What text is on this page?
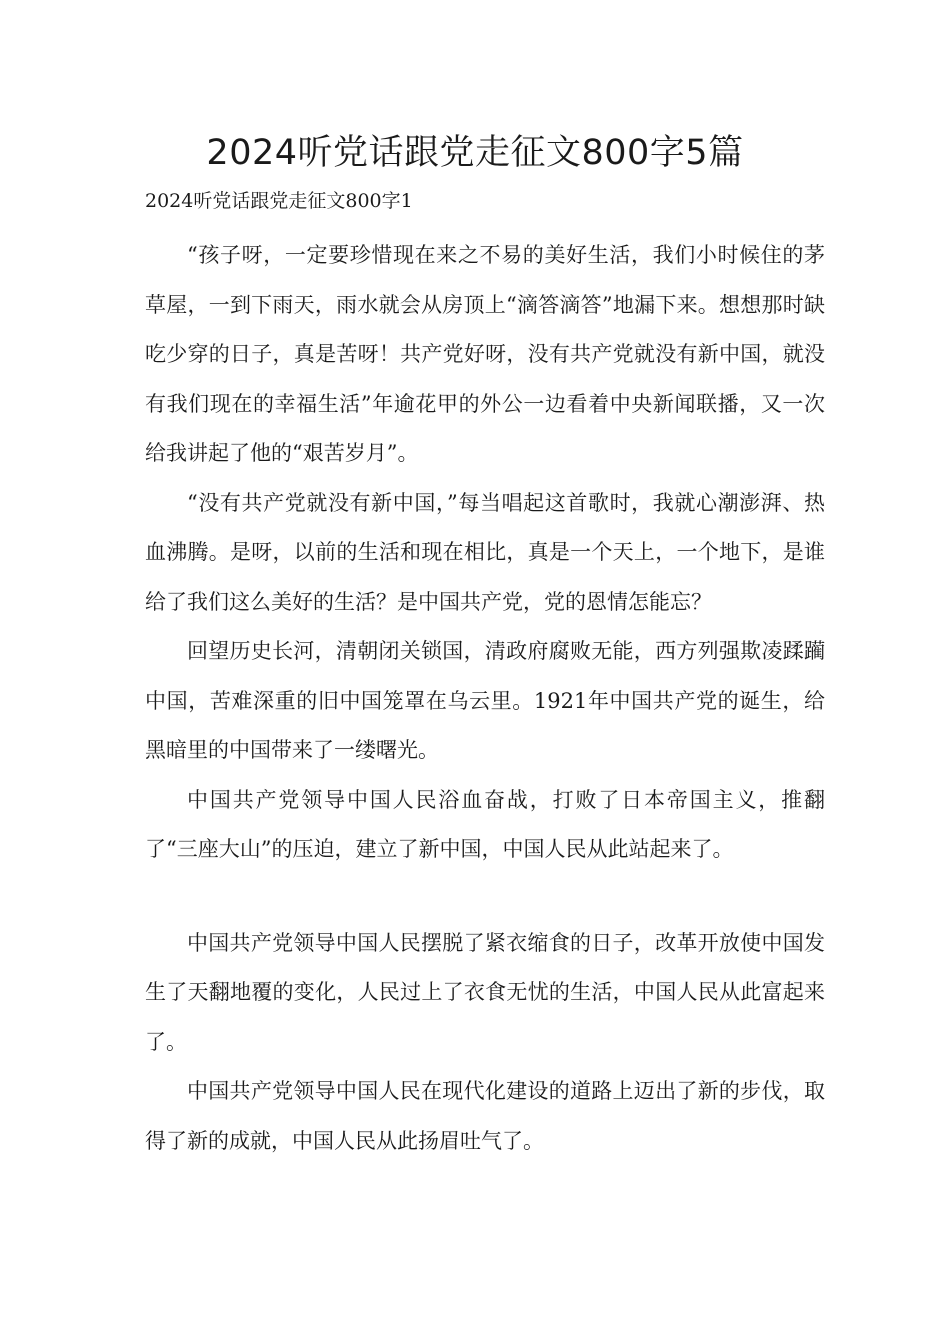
2024听党话跟党走征文800字5篇

2024听党话跟党走征文800字1

“孩子呀，一定要珍惜现在来之不易的美好生活，我们小时候住的茅草屋，一到下雨天，雨水就会从房顶上“滴答滴答”地漏下来。想想那时缺吃少穿的日子，真是苦呀！共产党好呀，没有共产党就没有新中国，就没有我们现在的幸福生活”年逾花甲的外公一边看着中央新闻联播，又一次给我讲起了他的“艰苦岁月”。

“没有共产党就没有新中国，”每当唱起这首歌时，我就心潮澎湃、热血沸腾。是呀，以前的生活和现在相比，真是一个天上，一个地下，是谁给了我们这么美好的生活？是中国共产党，党的恩情怎能忘？

回望历史长河，清朝闭关锁国，清政府腐败无能，西方列强欺凌蹂躏中国，苦难深重的旧中国笼罩在乌云里。1921年中国共产党的诞生，给黑暗里的中国带来了一缕曙光。

中国共产党领导中国人民浴血奋战，打败了日本帝国主义，推翻了“三座大山”的压迫，建立了新中国，中国人民从此站起来了。

中国共产党领导中国人民摆脱了紧衣缩食的日子，改革开放使中国发生了天翻地覆的变化，人民过上了衣食无忧的生活，中国人民从此富起来了。

中国共产党领导中国人民在现代化建设的道路上迈出了新的步伐，取得了新的成就，中国人民从此扬眉吐气了。
